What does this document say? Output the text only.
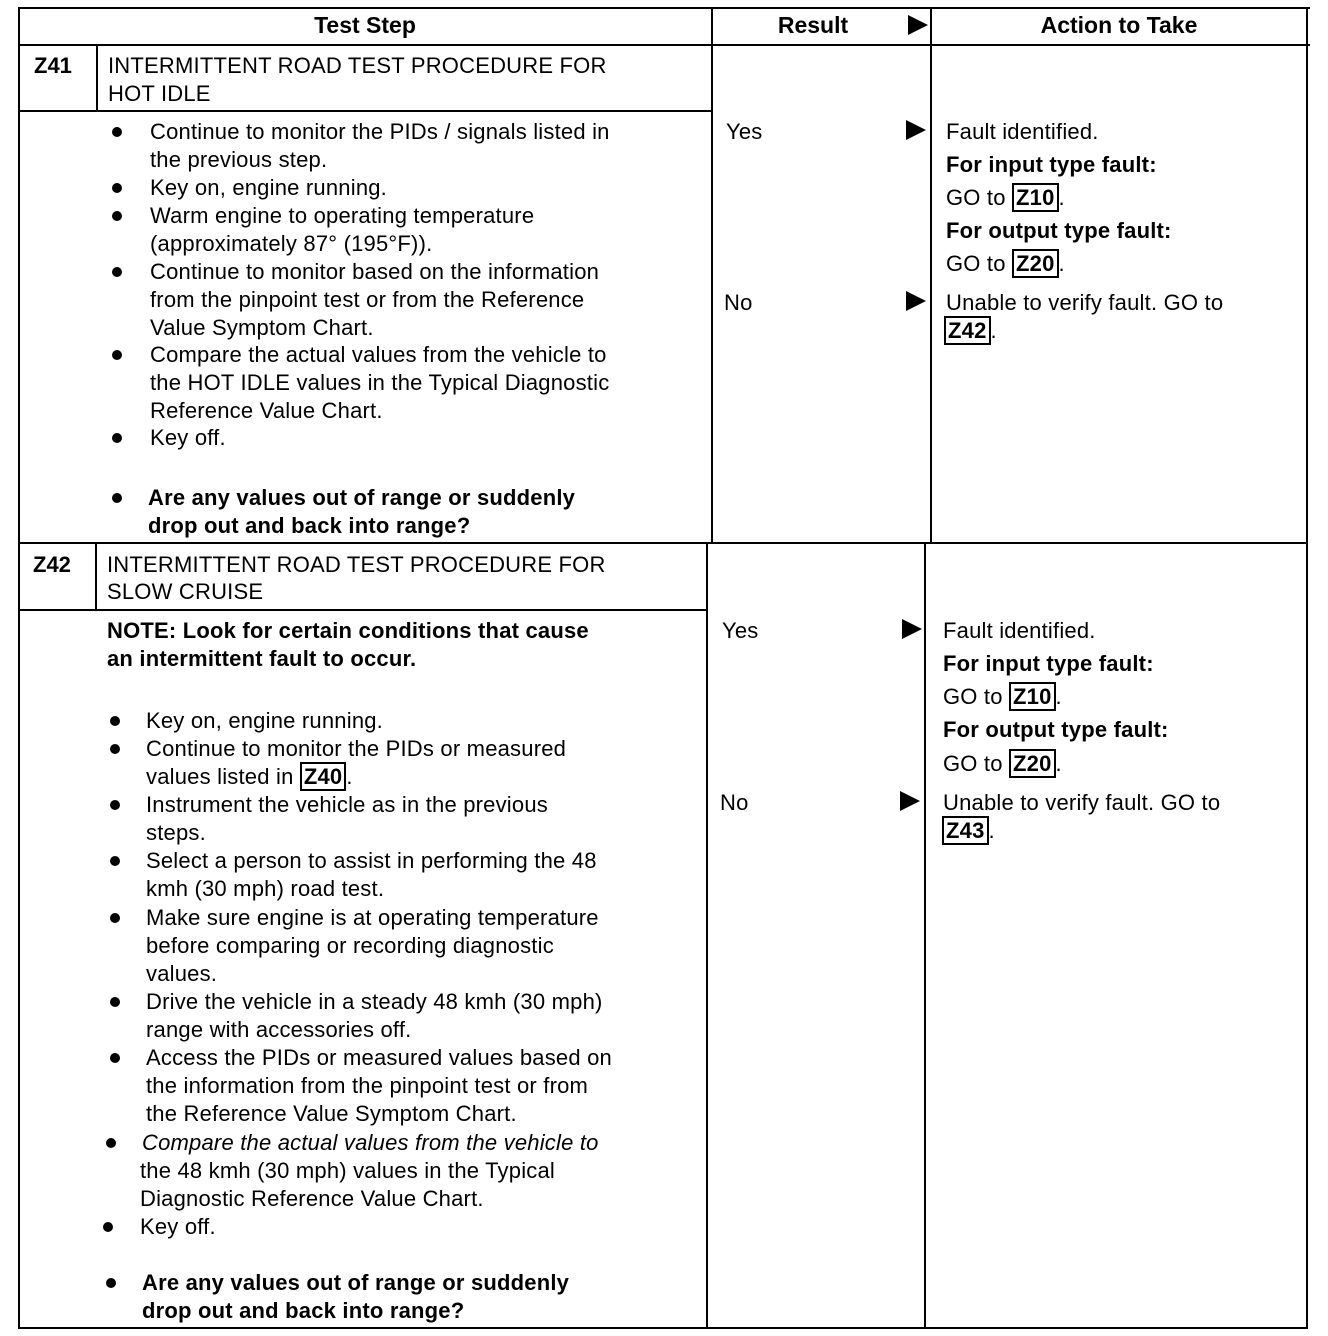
Test Step	Result	Action to Take
Z41 INTERMITTENT ROAD TEST PROCEDURE FOR
HOT IDLE
Continue to monitor the PIDs / signals listed in
the previous step.
Key on, engine running.
Warm engine to operating temperature
(approximately 87° (195°F)).
Continue to monitor based on the information
from the pinpoint test or from the Reference
Value Symptom Chart.
Compare the actual values from the vehicle to
the HOT IDLE values in the Typical Diagnostic
Reference Value Chart.
Key off.
Are any values out of range or suddenly
drop out and back into range?
Yes
No
Fault identified.
For input type fault:
GO to Z10 .
For output type fault:
GO to Z20 .
Unable to verify fault. GO to
Z42 .
Z42 INTERMITTENT ROAD TEST PROCEDURE FOR
SLOW CRUISE
NOTE: Look for certain conditions that cause
an intermittent fault to occur.
Key on, engine running.
Continue to monitor the PIDs or measured
values listed in Z40 .
Instrument the vehicle as in the previous
steps.
Select a person to assist in performing the 48
kmh (30 mph) road test.
Make sure engine is at operating temperature
before comparing or recording diagnostic
values.
Drive the vehicle in a steady 48 kmh (30 mph)
range with accessories off.
Access the PIDs or measured values based on
the information from the pinpoint test or from
the Reference Value Symptom Chart.
Compare the actual values from the vehicle to
the 48 kmh (30 mph) values in the Typical
Diagnostic Reference Value Chart.
Key off.
Are any values out of range or suddenly
drop out and back into range?
Yes
No
Fault identified.
For input type fault:
GO to Z10 .
For output type fault:
GO to Z20 .
Unable to verify fault. GO to
Z43 .
